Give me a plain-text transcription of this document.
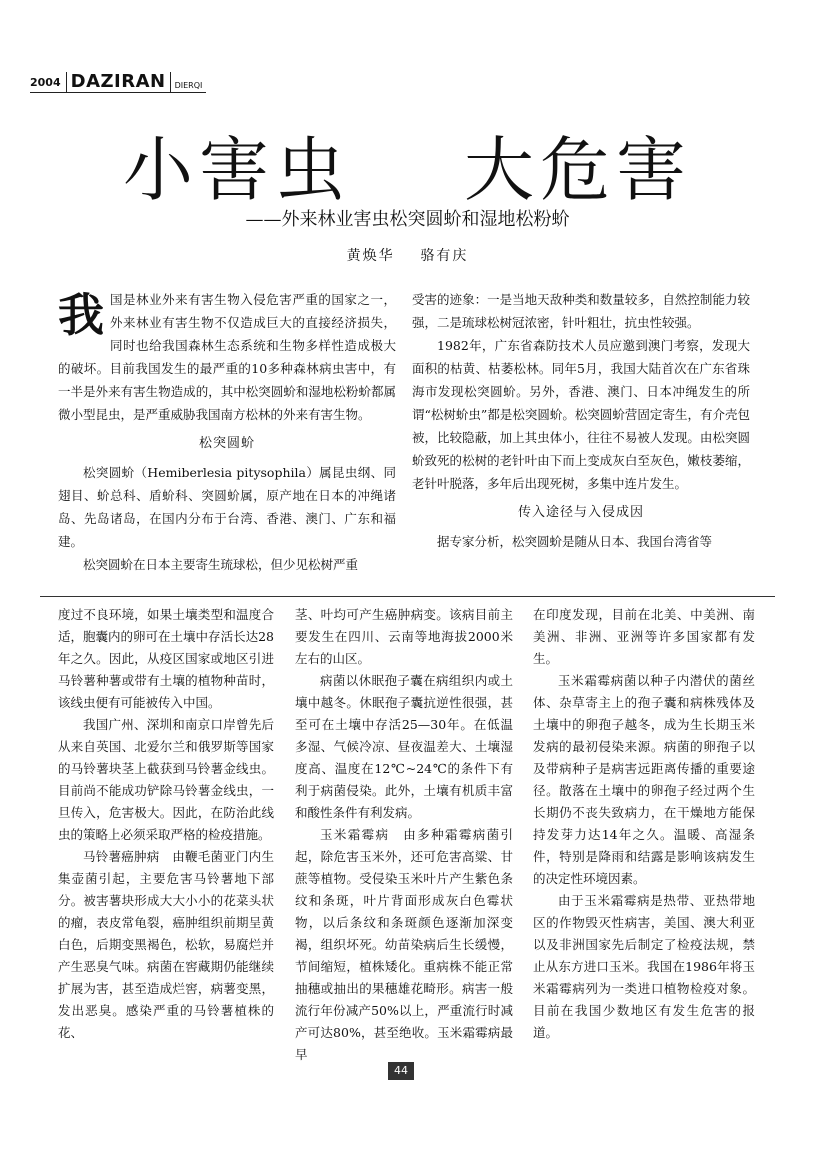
2004 DAZIRAN	DIERQI
小害虫    大危害
——外来林业害虫松突圆蚧和湿地松粉蚧
黄焕华    骆有庆

我国是林业外来有害生物入侵危害严重的国家之一，外来林业有害生物不仅造成巨大的直接经济损失，同时也给我国森林生态系统和生物多样性造成极大的破坏。目前我国发生的最严重的10多种森林病虫害中，有一半是外来有害生物造成的，其中松突圆蚧和湿地松粉蚧都属微小型昆虫，是严重威胁我国南方松林的外来有害生物。

松突圆蚧

松突圆蚧（Hemiberlesia pitysophila）属昆虫纲、同翅目、蚧总科、盾蚧科、突圆蚧属，原产地在日本的冲绳诸岛、先岛诸岛，在国内分布于台湾、香港、澳门、广东和福建。

松突圆蚧在日本主要寄生琉球松，但少见松树严重

受害的迹象：一是当地天敌种类和数量较多，自然控制能力较强，二是琉球松树冠浓密，针叶粗壮，抗虫性较强。

1982年，广东省森防技术人员应邀到澳门考察，发现大面积的枯黄、枯萎松林。同年5月，我国大陆首次在广东省珠海市发现松突圆蚧。另外，香港、澳门、日本冲绳发生的所谓“松树蚧虫”都是松突圆蚧。松突圆蚧营固定寄生，有介壳包被，比较隐蔽，加上其虫体小，往往不易被人发现。由松突圆蚧致死的松树的老针叶由下而上变成灰白至灰色，嫩枝萎缩，老针叶脱落，多年后出现死树，多集中连片发生。

传入途径与入侵成因

据专家分析，松突圆蚧是随从日本、我国台湾省等

度过不良环境，如果土壤类型和温度合适，胞囊内的卵可在土壤中存活长达28年之久。因此，从疫区国家或地区引进马铃薯种薯或带有土壤的植物种苗时，该线虫便有可能被传入中国。

我国广州、深圳和南京口岸曾先后从来自英国、北爱尔兰和俄罗斯等国家的马铃薯块茎上截获到马铃薯金线虫。目前尚不能成功铲除马铃薯金线虫，一旦传入，危害极大。因此，在防治此线虫的策略上必须采取严格的检疫措施。

马铃薯癌肿病　由鞭毛菌亚门内生集壶菌引起，主要危害马铃薯地下部分。被害薯块形成大大小小的花菜头状的瘤，表皮常龟裂，癌肿组织前期呈黄白色，后期变黑褐色，松软，易腐烂并产生恶臭气味。病菌在窖藏期仍能继续扩展为害，甚至造成烂窖，病薯变黑，发出恶臭。感染严重的马铃薯植株的花、

茎、叶均可产生癌肿病变。该病目前主要发生在四川、云南等地海拔2000米左右的山区。

病菌以休眠孢子囊在病组织内或土壤中越冬。休眠孢子囊抗逆性很强，甚至可在土壤中存活25—30年。在低温多湿、气候冷凉、昼夜温差大、土壤湿度高、温度在12℃~24℃的条件下有利于病菌侵染。此外，土壤有机质丰富和酸性条件有利发病。

玉米霜霉病　由多种霜霉病菌引起，除危害玉米外，还可危害高粱、甘蔗等植物。受侵染玉米叶片产生紫色条纹和条斑，叶片背面形成灰白色霉状物，以后条纹和条斑颜色逐渐加深变褐，组织坏死。幼苗染病后生长缓慢，节间缩短，植株矮化。重病株不能正常抽穗或抽出的果穗雄花畸形。病害一般流行年份减产50%以上，严重流行时减产可达80%，甚至绝收。玉米霜霉病最早

在印度发现，目前在北美、中美洲、南美洲、非洲、亚洲等许多国家都有发生。

玉米霜霉病菌以种子内潜伏的菌丝体、杂草寄主上的孢子囊和病株残体及土壤中的卵孢子越冬，成为生长期玉米发病的最初侵染来源。病菌的卵孢子以及带病种子是病害远距离传播的重要途径。散落在土壤中的卵孢子经过两个生长期仍不丧失致病力，在干燥地方能保持发芽力达14年之久。温暖、高湿条件，特别是降雨和结露是影响该病发生的决定性环境因素。

由于玉米霜霉病是热带、亚热带地区的作物毁灭性病害，美国、澳大利亚以及非洲国家先后制定了检疫法规，禁止从东方进口玉米。我国在1986年将玉米霜霉病列为一类进口植物检疫对象。目前在我国少数地区有发生危害的报道。

44
